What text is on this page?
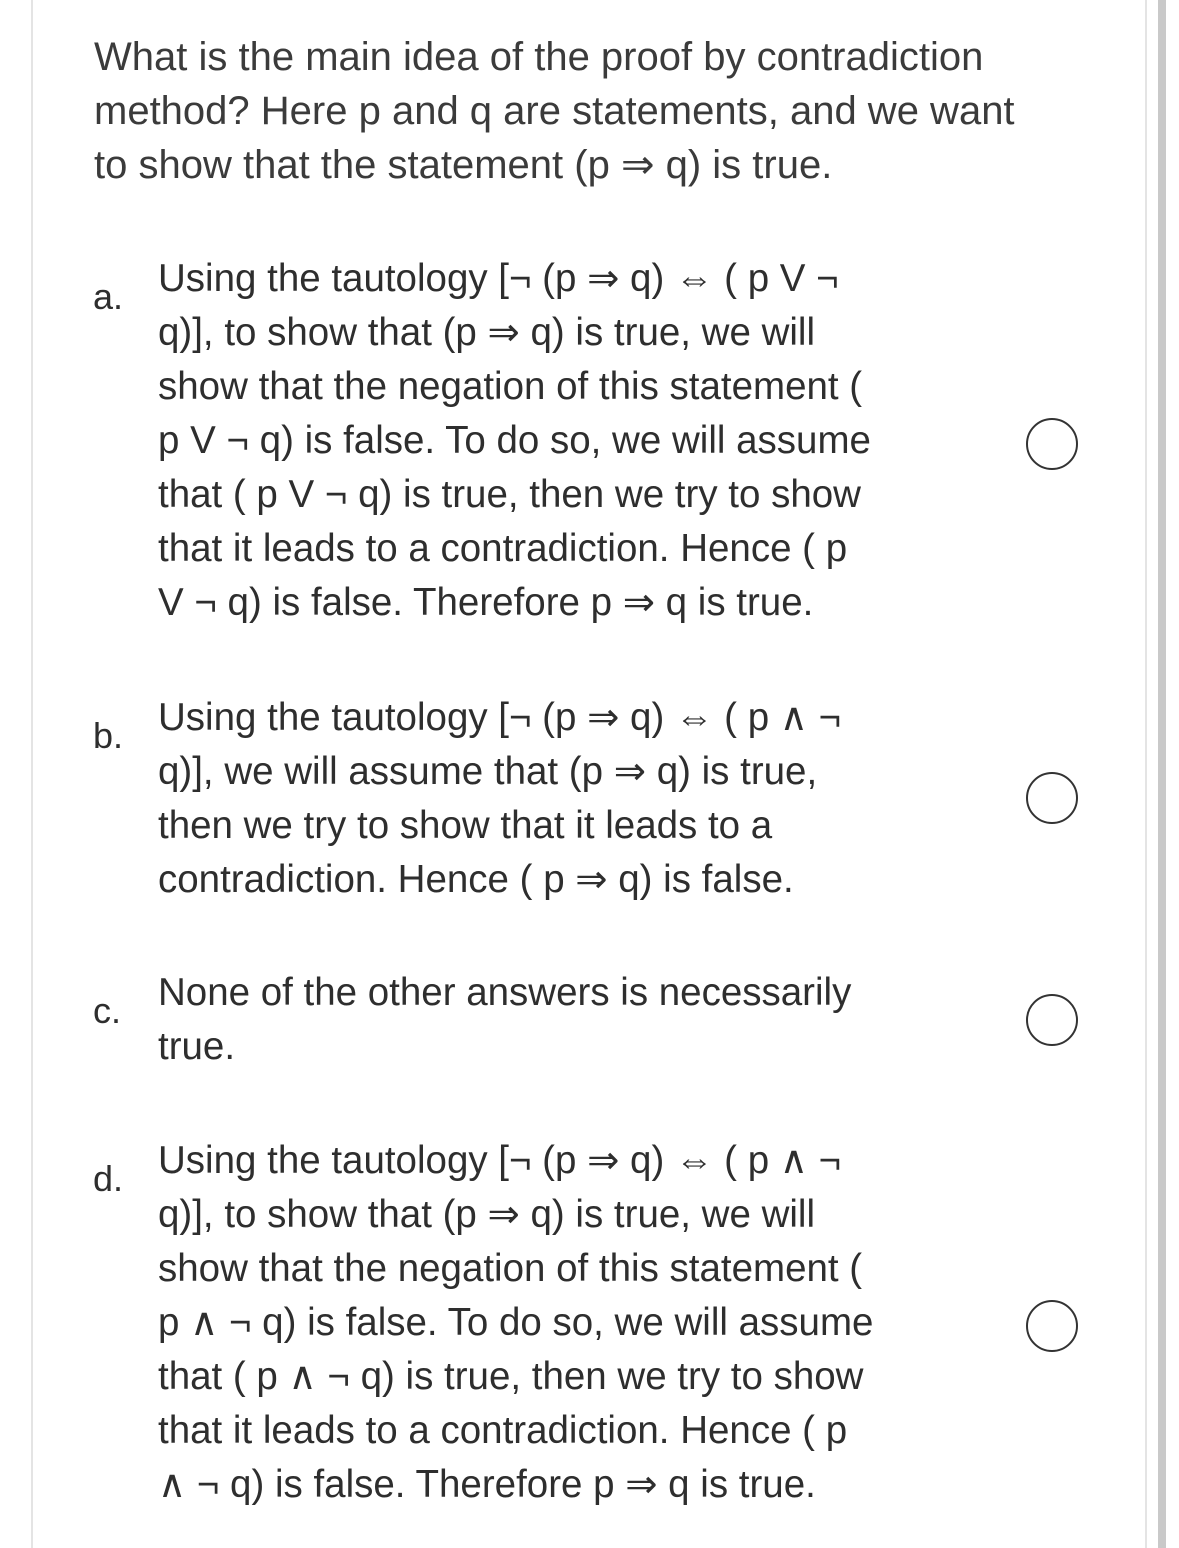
What is the main idea of the proof by contradiction
method? Here p and q are statements, and we want
to show that the statement (p ⇒ q) is true.
a. Using the tautology [¬ (p ⇒ q) ⇔ ( p V ¬
q)], to show that (p ⇒ q) is true, we will
show that the negation of this statement (
p V ¬ q) is false. To do so, we will assume
that ( p V ¬ q) is true, then we try to show
that it leads to a contradiction. Hence ( p
V ¬ q) is false. Therefore p ⇒ q is true.
b. Using the tautology [¬ (p ⇒ q) ⇔ ( p ∧ ¬
q)], we will assume that (p ⇒ q) is true,
then we try to show that it leads to a
contradiction. Hence ( p ⇒ q) is false.
c. None of the other answers is necessarily
true.
d. Using the tautology [¬ (p ⇒ q) ⇔ ( p ∧ ¬
q)], to show that (p ⇒ q) is true, we will
show that the negation of this statement (
p ∧ ¬ q) is false. To do so, we will assume
that ( p ∧ ¬ q) is true, then we try to show
that it leads to a contradiction. Hence ( p
∧ ¬ q) is false. Therefore p ⇒ q is true.
